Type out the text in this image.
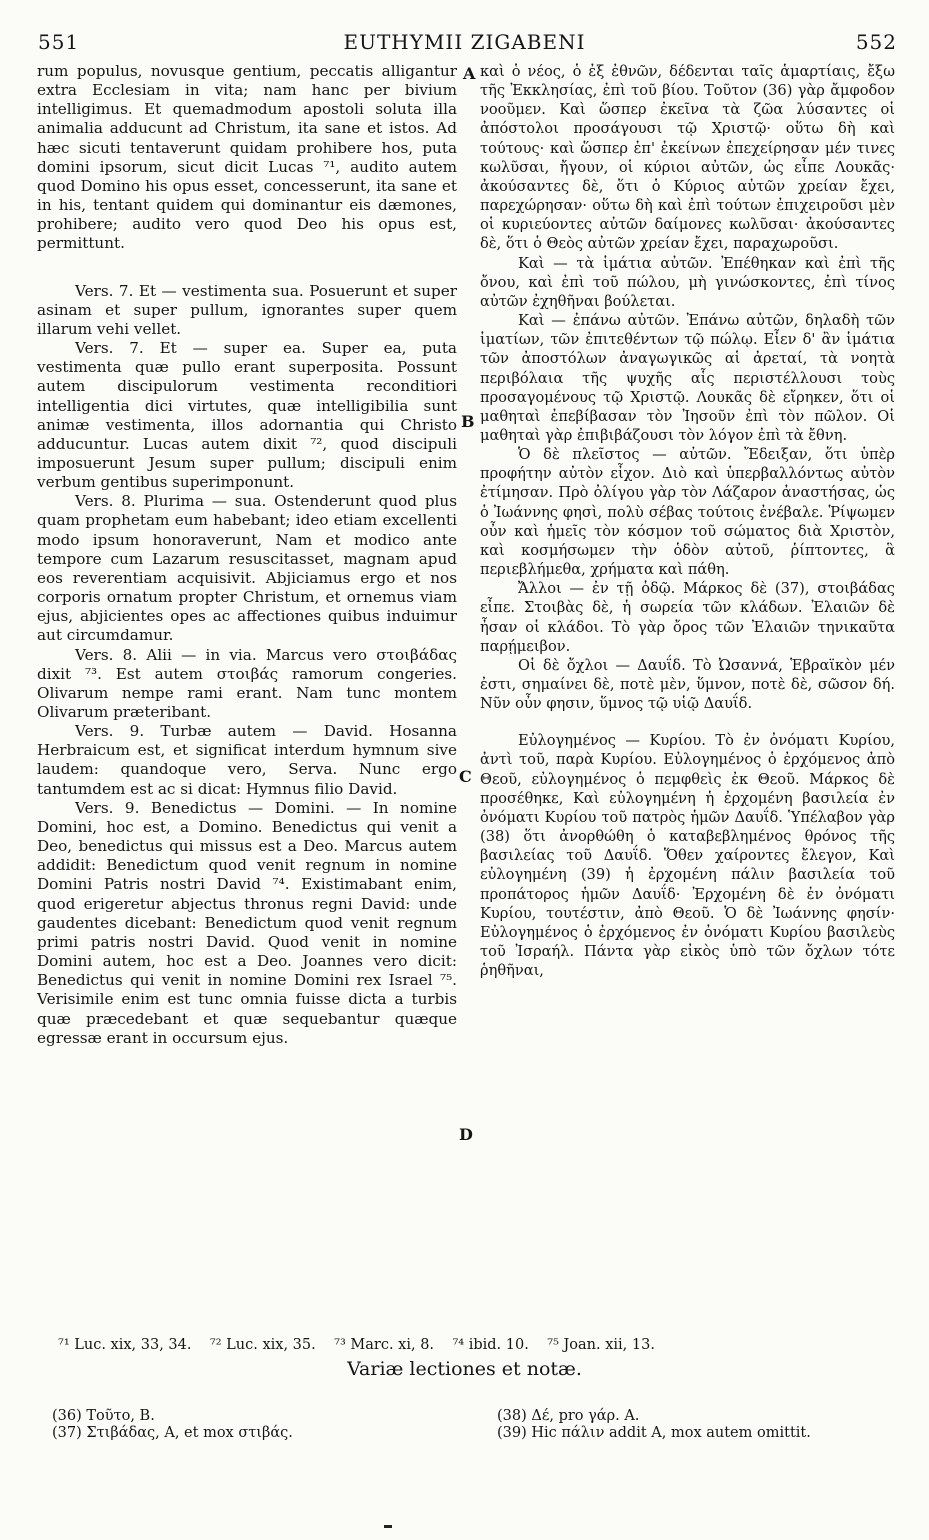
551	EUTHYMII ZIGABENI	552

rum populus, novusque gentium, peccatis alligantur extra Ecclesiam in vita; nam hanc per bivium intelligimus. Et quemadmodum apostoli soluta illa animalia adducunt ad Christum, ita sane et istos. Ad hæc sicuti tentaverunt quidam prohibere hos, puta domini ipsorum, sicut dicit Lucas ⁷¹, audito autem quod Domino his opus esset, concesserunt, ita sane et in his, tentant quidem qui dominantur eis dæmones, prohibere; audito vero quod Deo his opus est, permittunt.

Vers. 7. Et — vestimenta sua. Posuerunt et super asinam et super pullum, ignorantes super quem illarum vehi vellet.

Vers. 7. Et — super ea. Super ea, puta vestimenta quæ pullo erant superposita. Possunt autem discipulorum vestimenta reconditiori intelligentia dici virtutes, quæ intelligibilia sunt animæ vestimenta, illos adornantia qui Christo adducuntur. Lucas autem dixit ⁷², quod discipuli imposuerunt Jesum super pullum; discipuli enim verbum gentibus superimponunt.

Vers. 8. Plurima — sua. Ostenderunt quod plus quam prophetam eum habebant; ideo etiam excellenti modo ipsum honoraverunt, Nam et modico ante tempore cum Lazarum resuscitasset, magnam apud eos reverentiam acquisivit. Abjiciamus ergo et nos corporis ornatum propter Christum, et ornemus viam ejus, abjicientes opes ac affectiones quibus induimur aut circumdamur.

Vers. 8. Alii — in via. Marcus vero στοιβάδας dixit ⁷³. Est autem στοιβάς ramorum congeries. Olivarum nempe rami erant. Nam tunc montem Olivarum præteribant.

Vers. 9. Turbæ autem — David. Hosanna Herbraicum est, et significat interdum hymnum sive laudem: quandoque vero, Serva. Nunc ergo tantumdem est ac si dicat: Hymnus filio David.

Vers. 9. Benedictus — Domini. — In nomine Domini, hoc est, a Domino. Benedictus qui venit a Deo, benedictus qui missus est a Deo. Marcus autem addidit: Benedictum quod venit regnum in nomine Domini Patris nostri David ⁷⁴. Existimabant enim, quod erigeretur abjectus thronus regni David: unde gaudentes dicebant: Benedictum quod venit regnum primi patris nostri David. Quod venit in nomine Domini autem, hoc est a Deo. Joannes vero dicit: Benedictus qui venit in nomine Domini rex Israel ⁷⁵. Verisimile enim est tunc omnia fuisse dicta a turbis quæ præcedebant et quæ sequebantur quæque egressæ erant in occursum ejus.

A
B
C
D

καὶ ὁ νέος, ὁ ἐξ ἐθνῶν, δέδενται ταῖς ἁμαρτίαις, ἔξω τῆς Ἐκκλησίας, ἐπὶ τοῦ βίου. Τοῦτον (36) γὰρ ἄμφοδον νοοῦμεν. Καὶ ὥσπερ ἐκεῖνα τὰ ζῶα λύσαντες οἱ ἀπόστολοι προσάγουσι τῷ Χριστῷ· οὕτω δὴ καὶ τούτους· καὶ ὥσπερ ἐπ' ἐκείνων ἐπεχείρησαν μέν τινες κωλῦσαι, ἤγουν, οἱ κύριοι αὐτῶν, ὡς εἶπε Λουκᾶς· ἀκούσαντες δὲ, ὅτι ὁ Κύριος αὐτῶν χρείαν ἔχει, παρεχώρησαν· οὕτω δὴ καὶ ἐπὶ τούτων ἐπιχειροῦσι μὲν οἱ κυριεύοντες αὐτῶν δαίμονες κωλῦσαι· ἀκούσαντες δὲ, ὅτι ὁ Θεὸς αὐτῶν χρείαν ἔχει, παραχωροῦσι.

Καὶ — τὰ ἱμάτια αὐτῶν. Ἐπέθηκαν καὶ ἐπὶ τῆς ὄνου, καὶ ἐπὶ τοῦ πώλου, μὴ γινώσκοντες, ἐπὶ τίνος αὐτῶν ἐχηθῆναι βούλεται.

Καὶ — ἐπάνω αὐτῶν. Ἐπάνω αὐτῶν, δηλαδὴ τῶν ἱματίων, τῶν ἐπιτεθέντων τῷ πώλῳ. Εἶεν δ' ἂν ἱμάτια τῶν ἀποστόλων ἀναγωγικῶς αἱ ἀρεταί, τὰ νοητὰ περιβόλαια τῆς ψυχῆς αἷς περιστέλλουσι τοὺς προσαγομένους τῷ Χριστῷ. Λουκᾶς δὲ εἴρηκεν, ὅτι οἱ μαθηταὶ ἐπεβίβασαν τὸν Ἰησοῦν ἐπὶ τὸν πῶλον. Οἱ μαθηταὶ γὰρ ἐπιβιβάζουσι τὸν λόγον ἐπὶ τὰ ἔθνη.

Ὁ δὲ πλεῖστος — αὐτῶν. Ἔδειξαν, ὅτι ὑπὲρ προφήτην αὐτὸν εἶχον. Διὸ καὶ ὑπερβαλλόντως αὐτὸν ἐτίμησαν. Πρὸ ὀλίγου γὰρ τὸν Λάζαρον ἀναστήσας, ὡς ὁ Ἰωάννης φησὶ, πολὺ σέβας τούτοις ἐνέβαλε. Ῥίψωμεν οὖν καὶ ἡμεῖς τὸν κόσμον τοῦ σώματος διὰ Χριστὸν, καὶ κοσμήσωμεν τὴν ὁδὸν αὐτοῦ, ῥίπτοντες, ἃ περιεβλήμεθα, χρήματα καὶ πάθη.

Ἄλλοι — ἐν τῇ ὁδῷ. Μάρκος δὲ (37), στοιβάδας εἶπε. Στοιβὰς δὲ, ἡ σωρεία τῶν κλάδων. Ἐλαιῶν δὲ ἦσαν οἱ κλάδοι. Τὸ γὰρ ὄρος τῶν Ἐλαιῶν τηνικαῦτα παρῄμειβον.

Οἱ δὲ ὄχλοι — Δαυΐδ. Τὸ Ὠσαννά, Ἑβραϊκὸν μέν ἐστι, σημαίνει δὲ, ποτὲ μὲν, ὕμνον, ποτὲ δὲ, σῶσον δή. Νῦν οὖν φησιν, ὕμνος τῷ υἱῷ Δαυΐδ.

Εὐλογημένος — Κυρίου. Τὸ ἐν ὀνόματι Κυρίου, ἀντὶ τοῦ, παρὰ Κυρίου. Εὐλογημένος ὁ ἐρχόμενος ἀπὸ Θεοῦ, εὐλογημένος ὁ πεμφθεὶς ἐκ Θεοῦ. Μάρκος δὲ προσέθηκε, Καὶ εὐλογημένη ἡ ἐρχομένη βασιλεία ἐν ὀνόματι Κυρίου τοῦ πατρὸς ἡμῶν Δαυΐδ. Ὑπέλαβον γὰρ (38) ὅτι ἀνορθώθη ὁ καταβεβλημένος θρόνος τῆς βασιλείας τοῦ Δαυΐδ. Ὅθεν χαίροντες ἔλεγον, Καὶ εὐλογημένη (39) ἡ ἐρχομένη πάλιν βασιλεία τοῦ προπάτορος ἡμῶν Δαυΐδ· Ἐρχομένη δὲ ἐν ὀνόματι Κυρίου, τουτέστιν, ἀπὸ Θεοῦ. Ὁ δὲ Ἰωάννης φησίν· Εὐλογημένος ὁ ἐρχόμενος ἐν ὀνόματι Κυρίου βασιλεὺς τοῦ Ἰσραήλ. Πάντα γὰρ εἰκὸς ὑπὸ τῶν ὄχλων τότε ῥηθῆναι,

⁷¹ Luc. xix, 33, 34.    ⁷² Luc. xix, 35.    ⁷³ Marc. xi, 8.    ⁷⁴ ibid. 10.    ⁷⁵ Joan. xii, 13.
Variæ lectiones et notæ.
(36) Τοῦτο, B.
(37) Στιβάδας, A, et mox στιβάς.
(38) Δέ, pro γάρ. A.
(39) Hic πάλιν addit A, mox autem omittit.
